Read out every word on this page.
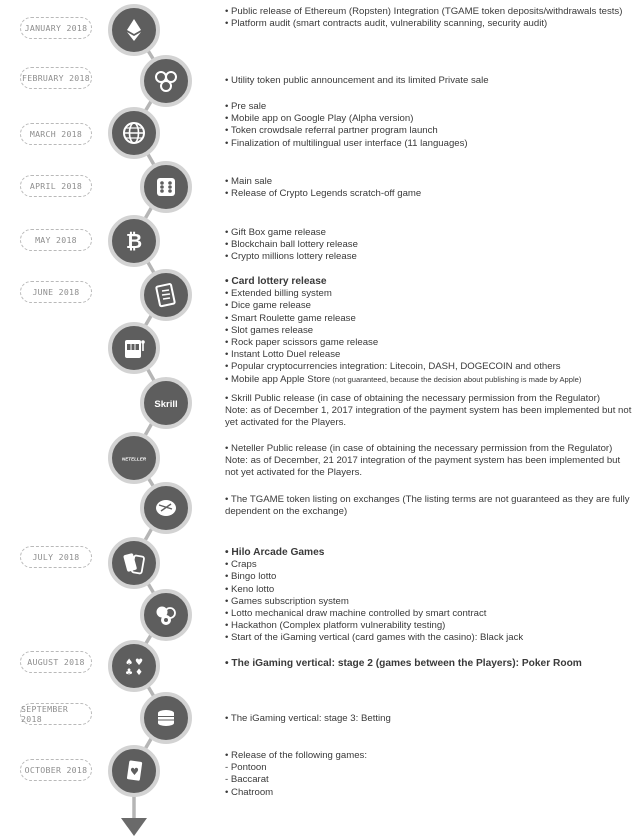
JANUARY 2018
FEBRUARY 2018
MARCH 2018
APRIL 2018
MAY 2018
JUNE 2018
JULY 2018
AUGUST 2018
SEPTEMBER 2018
OCTOBER 2018
₿
Skrill
NETELLER
♠ ♥
♣ ♦
♥
• Public release of Ethereum (Ropsten) Integration (TGAME token deposits/withdrawals tests)
• Platform audit (smart contracts audit, vulnerability scanning, security audit)
• Utility token public announcement and its limited Private sale
• Pre sale
• Mobile app on Google Play (Alpha version)
• Token crowdsale referral partner program launch
• Finalization of multilingual user interface (11 languages)
• Main sale
• Release of Crypto Legends scratch-off game
• Gift Box game release
• Blockchain ball lottery release
• Crypto millions lottery release
• Card lottery release
• Extended billing system
• Dice game release
• Smart Roulette game release
• Slot games release
• Rock paper scissors game release
• Instant Lotto Duel release
• Popular cryptocurrencies integration: Litecoin, DASH, DOGECOIN and others
• Mobile app Apple Store (not guaranteed, because the decision about publishing is made by Apple)
• Skrill Public release (in case of obtaining the necessary permission from the Regulator)
Note: as of December 1, 2017 integration of the payment system has been implemented but not yet activated for the Players.
• Neteller Public release (in case of obtaining the necessary permission from the Regulator)
Note: as of December, 21 2017 integration of the payment system has been implemented but not yet activated for the Players.
• The TGAME token listing on exchanges (The listing terms are not guaranteed as they are fully dependent on the exchange)
• Hilo Arcade Games
• Craps
• Bingo lotto
• Keno lotto
• Games subscription system
• Lotto mechanical draw machine controlled by smart contract
• Hackathon (Complex platform vulnerability testing)
• Start of the iGaming vertical (card games with the casino): Black jack
• The iGaming vertical: stage 2 (games between the Players): Poker Room
• The iGaming vertical: stage 3: Betting
• Release of the following games:
- Pontoon
- Baccarat
• Chatroom
